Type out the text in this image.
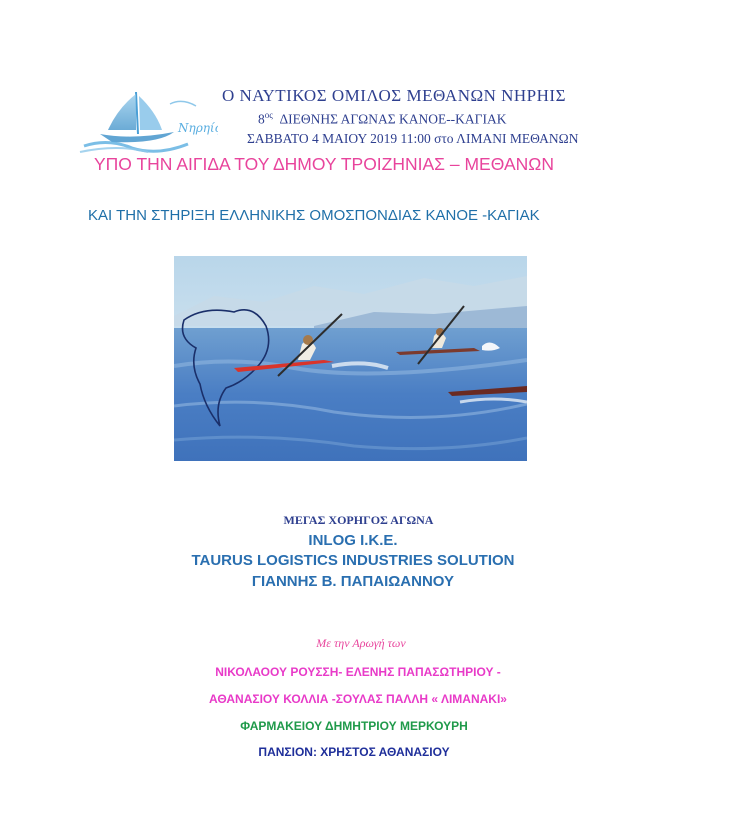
Nηρηίς
Ο ΝΑΥΤΙΚΟΣ ΟΜΙΛΟΣ ΜΕΘΑΝΩΝ ΝΗΡΗΙΣ
$8^{o\varsigma}$ ΔΙΕΘΝΗΣ ΑΓΩΝΑΣ ΚΑΝΟΕ--ΚΑΓΙΑΚ
ΣΑΒΒΑΤΟ 4 ΜΑΙΟΥ 2019 11:00 στο ΛΙΜΑΝΙ ΜΕΘΑΝΩΝ
ΥΠΟ ΤΗΝ ΑΙΓΙΔΑ ΤΟΥ ΔΗΜΟΥ ΤΡΟΙΖΗΝΙΑΣ – ΜΕΘΑΝΩΝ
ΚΑΙ ΤΗΝ ΣΤΗΡΙΞΗ ΕΛΛΗΝΙΚΗΣ ΟΜΟΣΠΟΝΔΙΑΣ ΚΑΝΟΕ -ΚΑΓΙΑΚ
ΜΕΓΑΣ ΧΟΡΗΓΟΣ ΑΓΩΝΑ
INLOG I.K.E.
TAURUS LOGISTICS INDUSTRIES SOLUTION
ΓΙΑΝΝΗΣ Β. ΠΑΠΑΙΩΑΝΝΟΥ
Με την Αρωγή των
ΝΙΚΟΛΑΟΟΥ ΡΟΥΣΣΗ- ΕΛΕΝΗΣ ΠΑΠΑΣΩΤΗΡΙΟΥ -
ΑΘΑΝΑΣΙΟΥ ΚΟΛΛΙΑ -ΣΟΥΛΑΣ ΠΑΛΛΗ « ΛΙΜΑΝΑΚΙ»
ΦΑΡΜΑΚΕΙΟΥ ΔΗΜΗΤΡΙΟΥ ΜΕΡΚΟΥΡΗ
ΠΑΝΣΙΟΝ: ΧΡΗΣΤΟΣ ΑΘΑΝΑΣΙΟΥ
